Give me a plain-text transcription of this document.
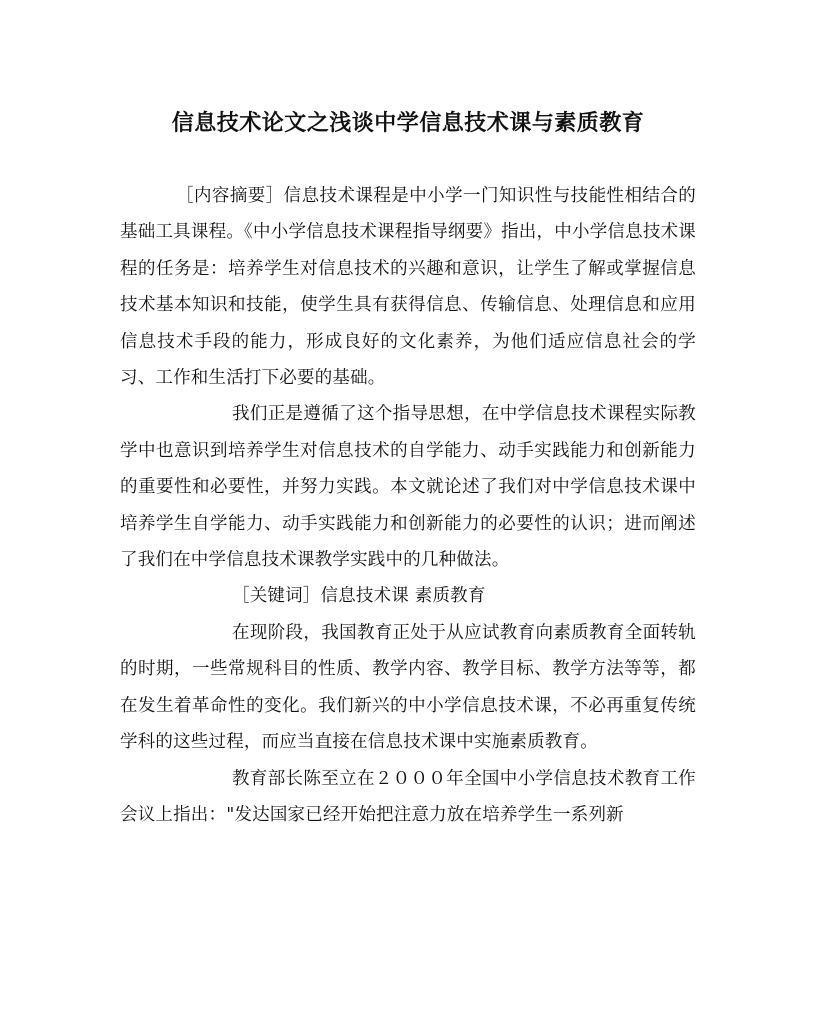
信息技术论文之浅谈中学信息技术课与素质教育

［内容摘要］信息技术课程是中小学一门知识性与技能性相结合的基础工具课程。《中小学信息技术课程指导纲要》指出，中小学信息技术课程的任务是：培养学生对信息技术的兴趣和意识，让学生了解或掌握信息技术基本知识和技能，使学生具有获得信息、传输信息、处理信息和应用信息技术手段的能力，形成良好的文化素养，为他们适应信息社会的学习、工作和生活打下必要的基础。

我们正是遵循了这个指导思想，在中学信息技术课程实际教学中也意识到培养学生对信息技术的自学能力、动手实践能力和创新能力的重要性和必要性，并努力实践。本文就论述了我们对中学信息技术课中培养学生自学能力、动手实践能力和创新能力的必要性的认识；进而阐述了我们在中学信息技术课教学实践中的几种做法。

［关键词］信息技术课 素质教育

在现阶段，我国教育正处于从应试教育向素质教育全面转轨的时期，一些常规科目的性质、教学内容、教学目标、教学方法等等，都在发生着革命性的变化。我们新兴的中小学信息技术课，不必再重复传统学科的这些过程，而应当直接在信息技术课中实施素质教育。

教育部长陈至立在２０００年全国中小学信息技术教育工作会议上指出："发达国家已经开始把注意力放在培养学生一系列新
